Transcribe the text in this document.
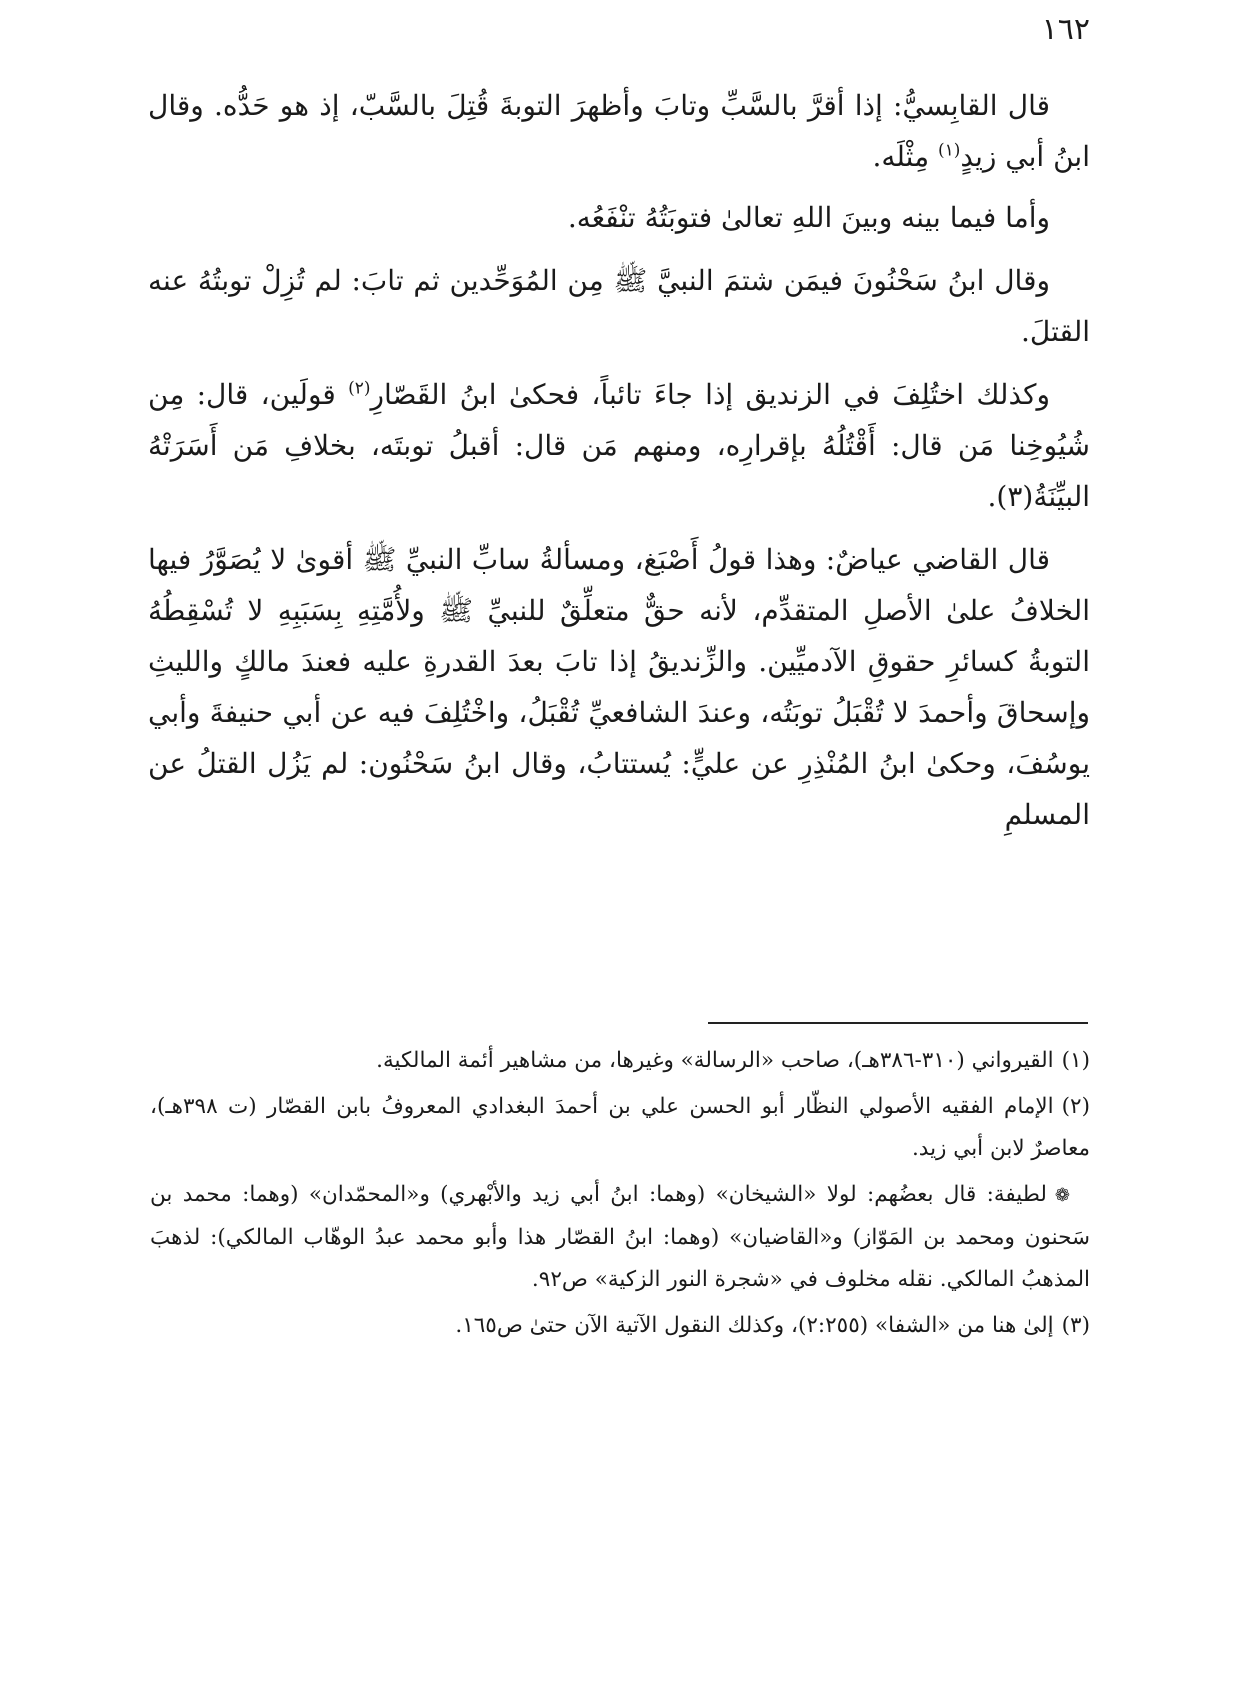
١٦٢

قال القابِسيُّ: إذا أقرَّ بالسَّبِّ وتابَ وأظهرَ التوبةَ قُتِلَ بالسَّبّ، إذ هو حَدُّه. وقال ابنُ أبي زيدٍ$^{(١)}$ مِثْلَه.

وأما فيما بينه وبينَ اللهِ تعالىٰ فتوبَتُهُ تنْفَعُه.

وقال ابنُ سَحْنُونَ فيمَن شتمَ النبيَّ ﷺ مِن المُوَحِّدين ثم تابَ: لم تُزِلْ توبتُهُ عنه القتلَ.

وكذلك اختُلِفَ في الزنديق إذا جاءَ تائباً، فحكىٰ ابنُ القَصّارِ$^{(٢)}$ قولَين، قال: مِن شُيُوخِنا مَن قال: أَقْتُلُهُ بإقرارِه، ومنهم مَن قال: أقبلُ توبتَه، بخلافِ مَن أَسَرَتْهُ البيِّنَةُ(٣).

قال القاضي عياضٌ: وهذا قولُ أَصْبَغ، ومسألةُ سابِّ النبيِّ ﷺ أقوىٰ لا يُصَوَّرُ فيها الخلافُ علىٰ الأصلِ المتقدِّم، لأنه حقٌّ متعلِّقٌ للنبيِّ ﷺ ولأُمَّتِهِ بِسَبَبِهِ لا تُسْقِطُهُ التوبةُ كسائرِ حقوقِ الآدميِّين. والزِّنديقُ إذا تابَ بعدَ القدرةِ عليه فعندَ مالكٍ والليثِ وإسحاقَ وأحمدَ لا تُقْبَلُ توبَتُه، وعندَ الشافعيِّ تُقْبَلُ، واخْتُلِفَ فيه عن أبي حنيفةَ وأبي يوسُفَ، وحكىٰ ابنُ المُنْذِرِ عن عليٍّ: يُستتابُ، وقال ابنُ سَحْنُون: لم يَزُل القتلُ عن المسلمِ

(١)القيرواني (٣١٠-٣٨٦هـ)، صاحب «الرسالة» وغيرها، من مشاهير أئمة المالكية.

(٢)الإمام الفقيه الأصولي النظّار أبو الحسن علي بن أحمدَ البغدادي المعروفُ بابن القصّار (ت ٣٩٨هـ)، معاصرٌ لابن أبي زيد.

❁لطيفة: قال بعضُهم: لولا «الشيخان» (وهما: ابنُ أبي زيد والأبْهري) و«المحمّدان» (وهما: محمد بن سَحنون ومحمد بن المَوّاز) و«القاضيان» (وهما: ابنُ القصّار هذا وأبو محمد عبدُ الوهّاب المالكي): لذهبَ المذهبُ المالكي. نقله مخلوف في «شجرة النور الزكية» ص٩٢.

(٣)إلىٰ هنا من «الشفا» (٢:٢٥٥)، وكذلك النقول الآتية الآن حتىٰ ص١٦٥.
